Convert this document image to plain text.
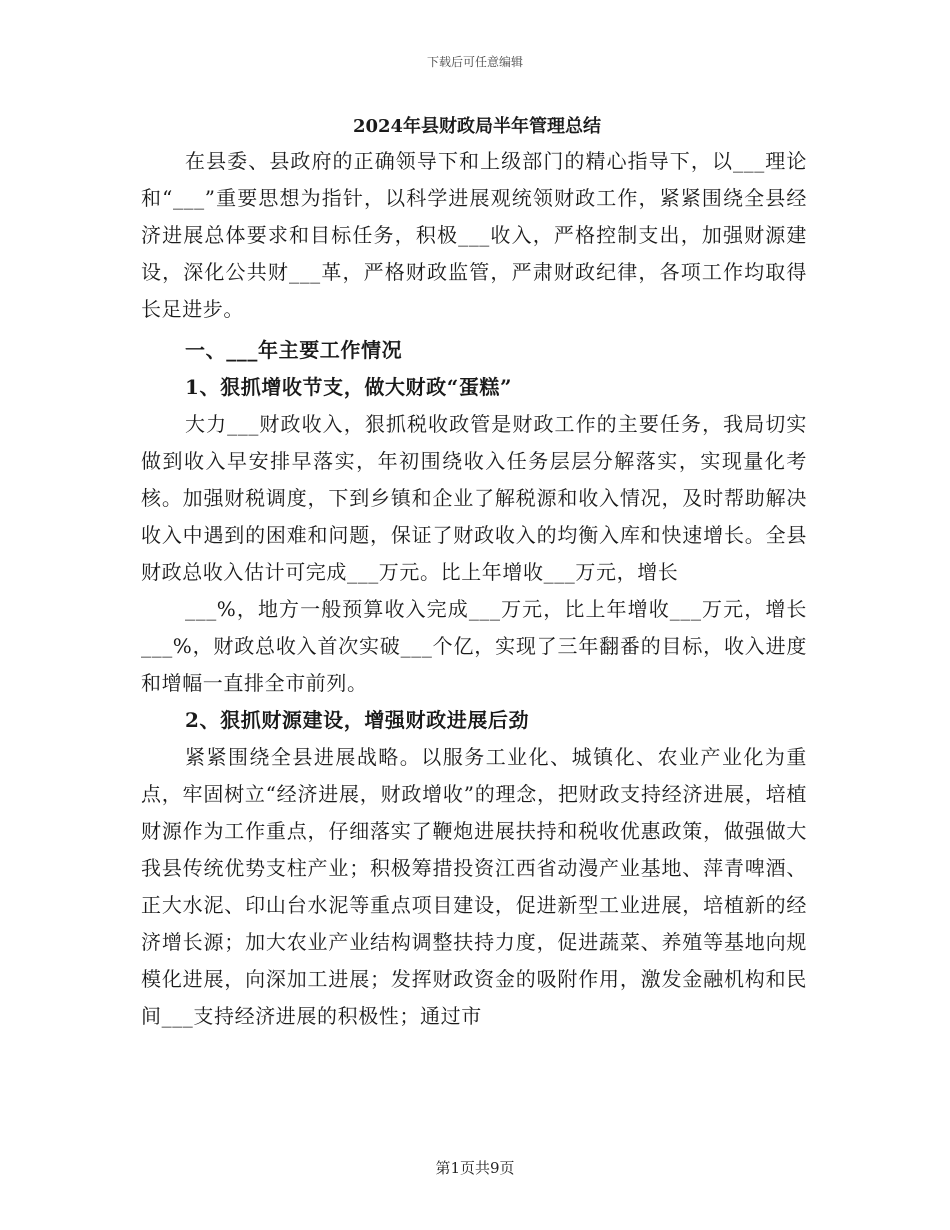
下载后可任意编辑
2024年县财政局半年管理总结

在县委、县政府的正确领导下和上级部门的精心指导下，以___理论和“___”重要思想为指针，以科学进展观统领财政工作，紧紧围绕全县经济进展总体要求和目标任务，积极___收入，严格控制支出，加强财源建设，深化公共财___革，严格财政监管，严肃财政纪律，各项工作均取得长足进步。

一、___年主要工作情况

1、狠抓增收节支，做大财政“蛋糕”

大力___财政收入，狠抓税收政管是财政工作的主要任务，我局切实做到收入早安排早落实，年初围绕收入任务层层分解落实，实现量化考核。加强财税调度，下到乡镇和企业了解税源和收入情况，及时帮助解决收入中遇到的困难和问题，保证了财政收入的均衡入库和快速增长。全县财政总收入估计可完成___万元。比上年增收___万元，增长

___%，地方一般预算收入完成___万元，比上年增收___万元，增长___%，财政总收入首次实破___个亿，实现了三年翻番的目标，收入进度和增幅一直排全市前列。

2、狠抓财源建设，增强财政进展后劲

紧紧围绕全县进展战略。以服务工业化、城镇化、农业产业化为重点，牢固树立“经济进展，财政增收”的理念，把财政支持经济进展，培植财源作为工作重点，仔细落实了鞭炮进展扶持和税收优惠政策，做强做大我县传统优势支柱产业；积极筹措投资江西省动漫产业基地、萍青啤酒、正大水泥、印山台水泥等重点项目建设，促进新型工业进展，培植新的经济增长源；加大农业产业结构调整扶持力度，促进蔬菜、养殖等基地向规模化进展，向深加工进展；发挥财政资金的吸附作用，激发金融机构和民间___支持经济进展的积极性；通过市

第1页共9页
